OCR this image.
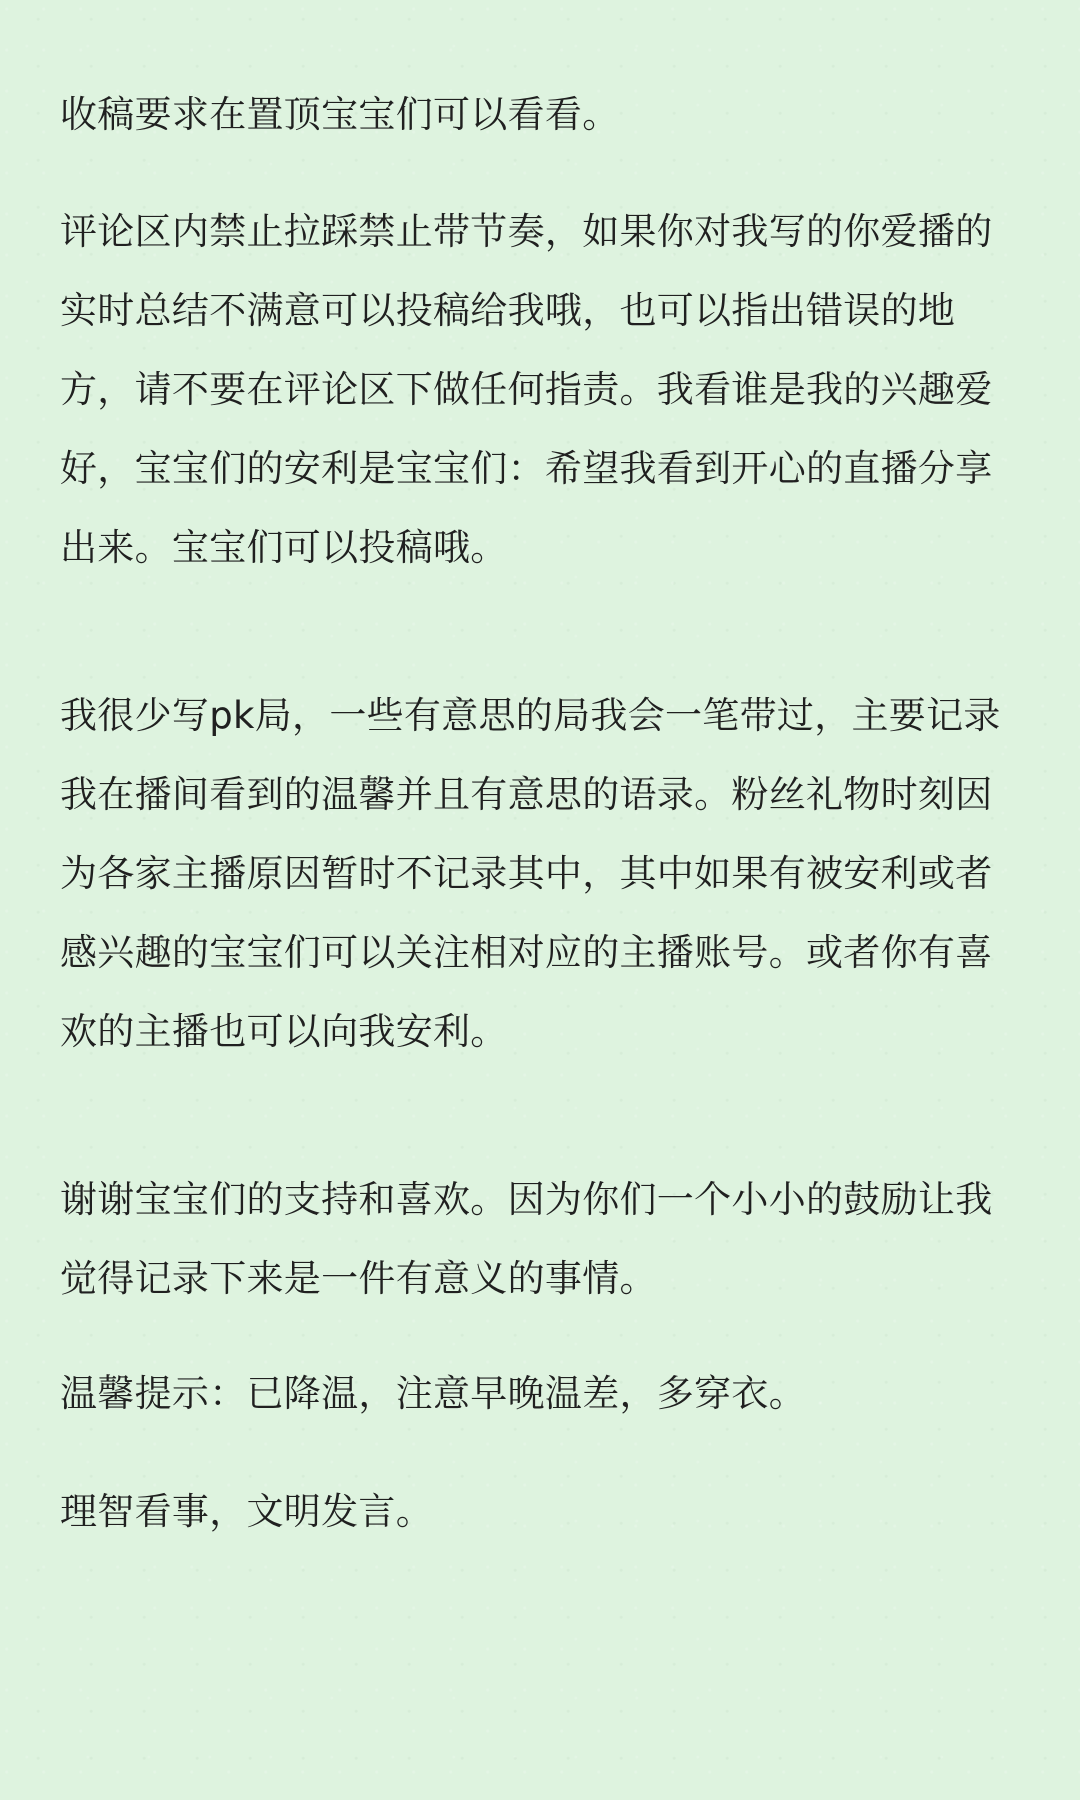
收稿要求在置顶宝宝们可以看看。

评论区内禁止拉踩禁止带节奏，如果你对我写的你爱播的实时总结不满意可以投稿给我哦，也可以指出错误的地方，请不要在评论区下做任何指责。我看谁是我的兴趣爱好，宝宝们的安利是宝宝们：希望我看到开心的直播分享出来。宝宝们可以投稿哦。

我很少写pk局，一些有意思的局我会一笔带过，主要记录我在播间看到的温馨并且有意思的语录。粉丝礼物时刻因为各家主播原因暂时不记录其中，其中如果有被安利或者感兴趣的宝宝们可以关注相对应的主播账号。或者你有喜欢的主播也可以向我安利。

谢谢宝宝们的支持和喜欢。因为你们一个小小的鼓励让我觉得记录下来是一件有意义的事情。

温馨提示：已降温，注意早晚温差，多穿衣。

理智看事，文明发言。
